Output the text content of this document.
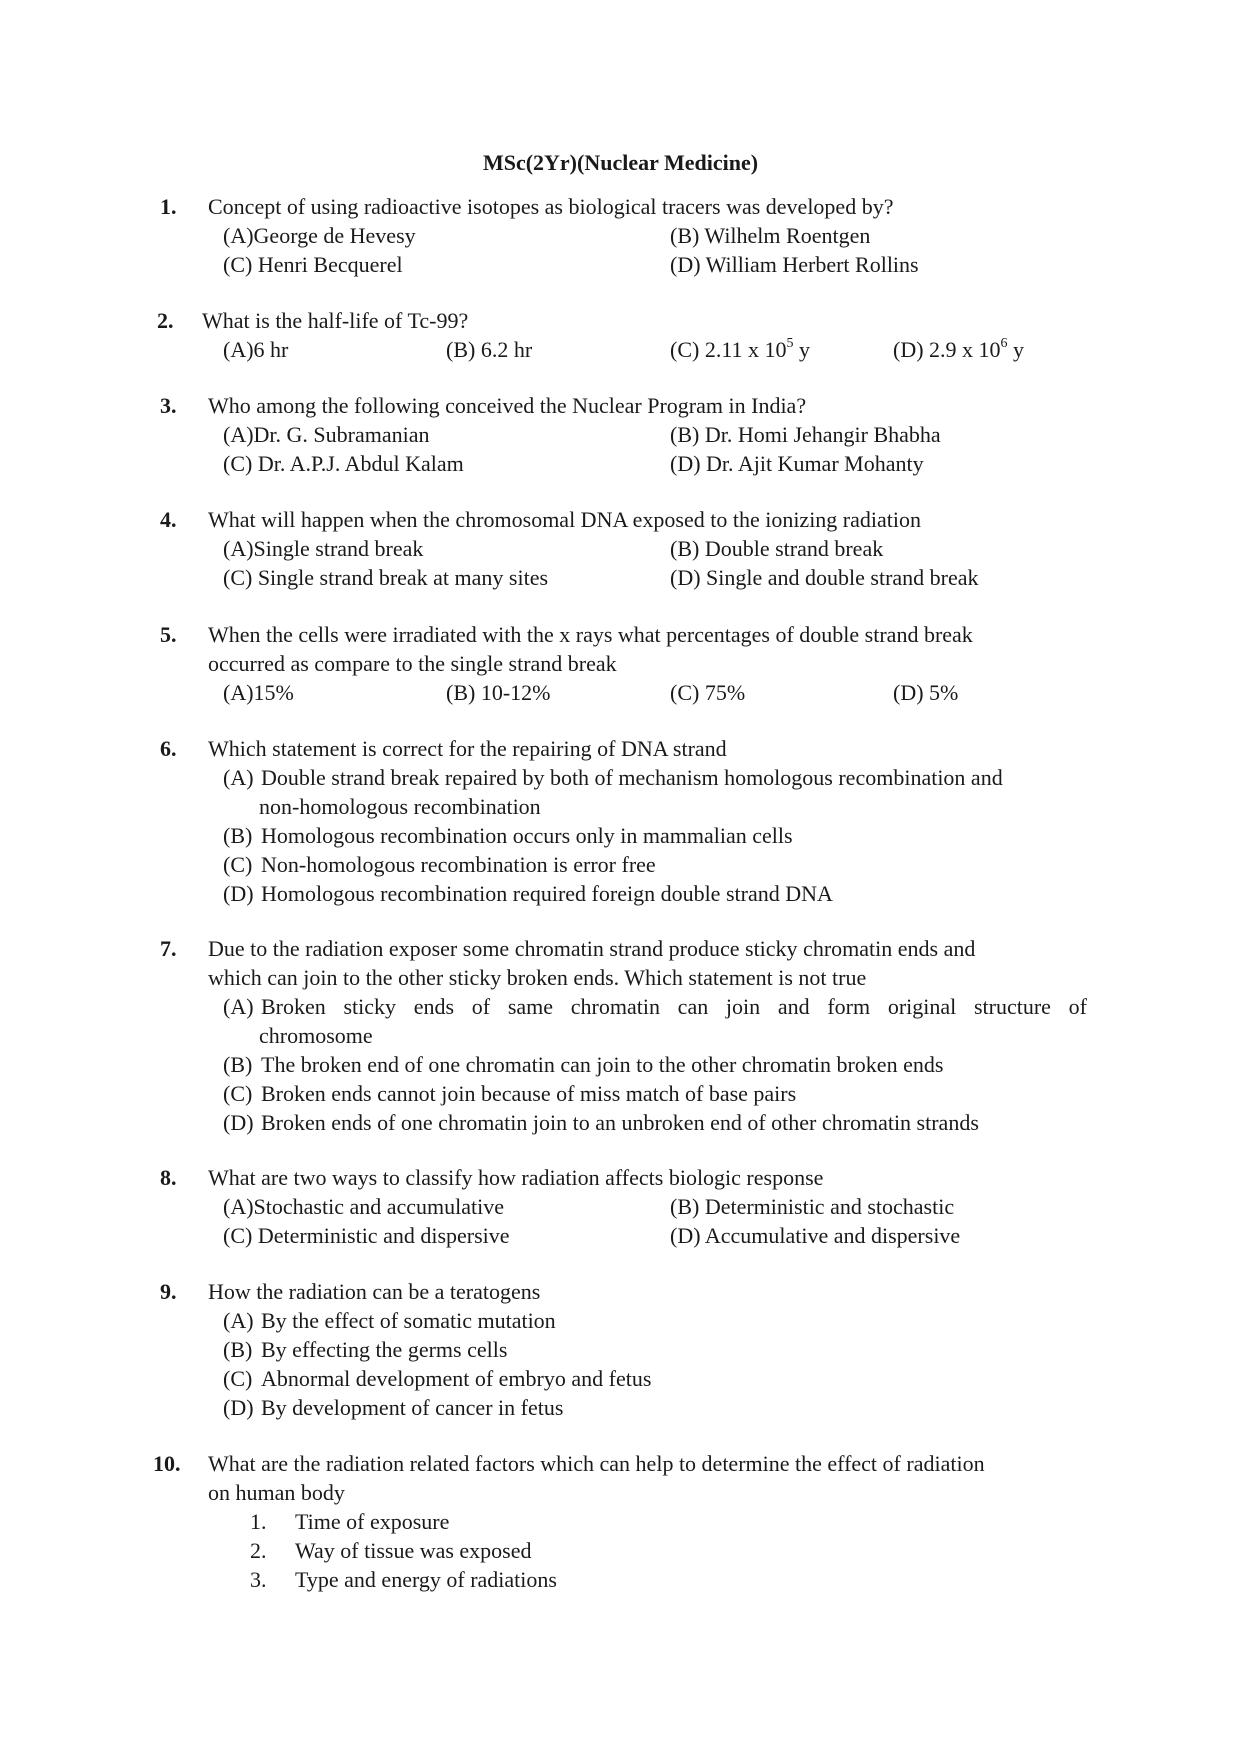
MSc(2Yr)(Nuclear Medicine)
1. Concept of using radioactive isotopes as biological tracers was developed by?
(A)George de Hevesy	(B) Wilhelm Roentgen
(C) Henri Becquerel	(D) William Herbert Rollins
2. What is the half-life of Tc-99?
(A)6 hr	(B) 6.2 hr	(C) 2.11 x $10^5$ y	(D) 2.9 x $10^6$ y
3. Who among the following conceived the Nuclear Program in India?
(A)Dr. G. Subramanian	(B) Dr. Homi Jehangir Bhabha
(C) Dr. A.P.J. Abdul Kalam	(D) Dr. Ajit Kumar Mohanty
4. What will happen when the chromosomal DNA exposed to the ionizing radiation
(A)Single strand break	(B) Double strand break
(C) Single strand break at many sites	(D) Single and double strand break
5. When the cells were irradiated with the x rays what percentages of double strand break
occurred as compare to the single strand break
(A)15%	(B) 10-12%	(C) 75%	(D) 5%
6. Which statement is correct for the repairing of DNA strand
(A) Double strand break repaired by both of mechanism homologous recombination and
non-homologous recombination
(B) Homologous recombination occurs only in mammalian cells
(C) Non-homologous recombination is error free
(D) Homologous recombination required foreign double strand DNA
7. Due to the radiation exposer some chromatin strand produce sticky chromatin ends and
which can join to the other sticky broken ends. Which statement is not true
(A) Broken sticky ends of same chromatin can join and form original structure of
chromosome
(B) The broken end of one chromatin can join to the other chromatin broken ends
(C) Broken ends cannot join because of miss match of base pairs
(D) Broken ends of one chromatin join to an unbroken end of other chromatin strands
8. What are two ways to classify how radiation affects biologic response
(A)Stochastic and accumulative	(B) Deterministic and stochastic
(C) Deterministic and dispersive	(D) Accumulative and dispersive
9. How the radiation can be a teratogens
(A) By the effect of somatic mutation
(B) By effecting the germs cells
(C) Abnormal development of embryo and fetus
(D) By development of cancer in fetus
10. What are the radiation related factors which can help to determine the effect of radiation
on human body
1. Time of exposure
2. Way of tissue was exposed
3. Type and energy of radiations
